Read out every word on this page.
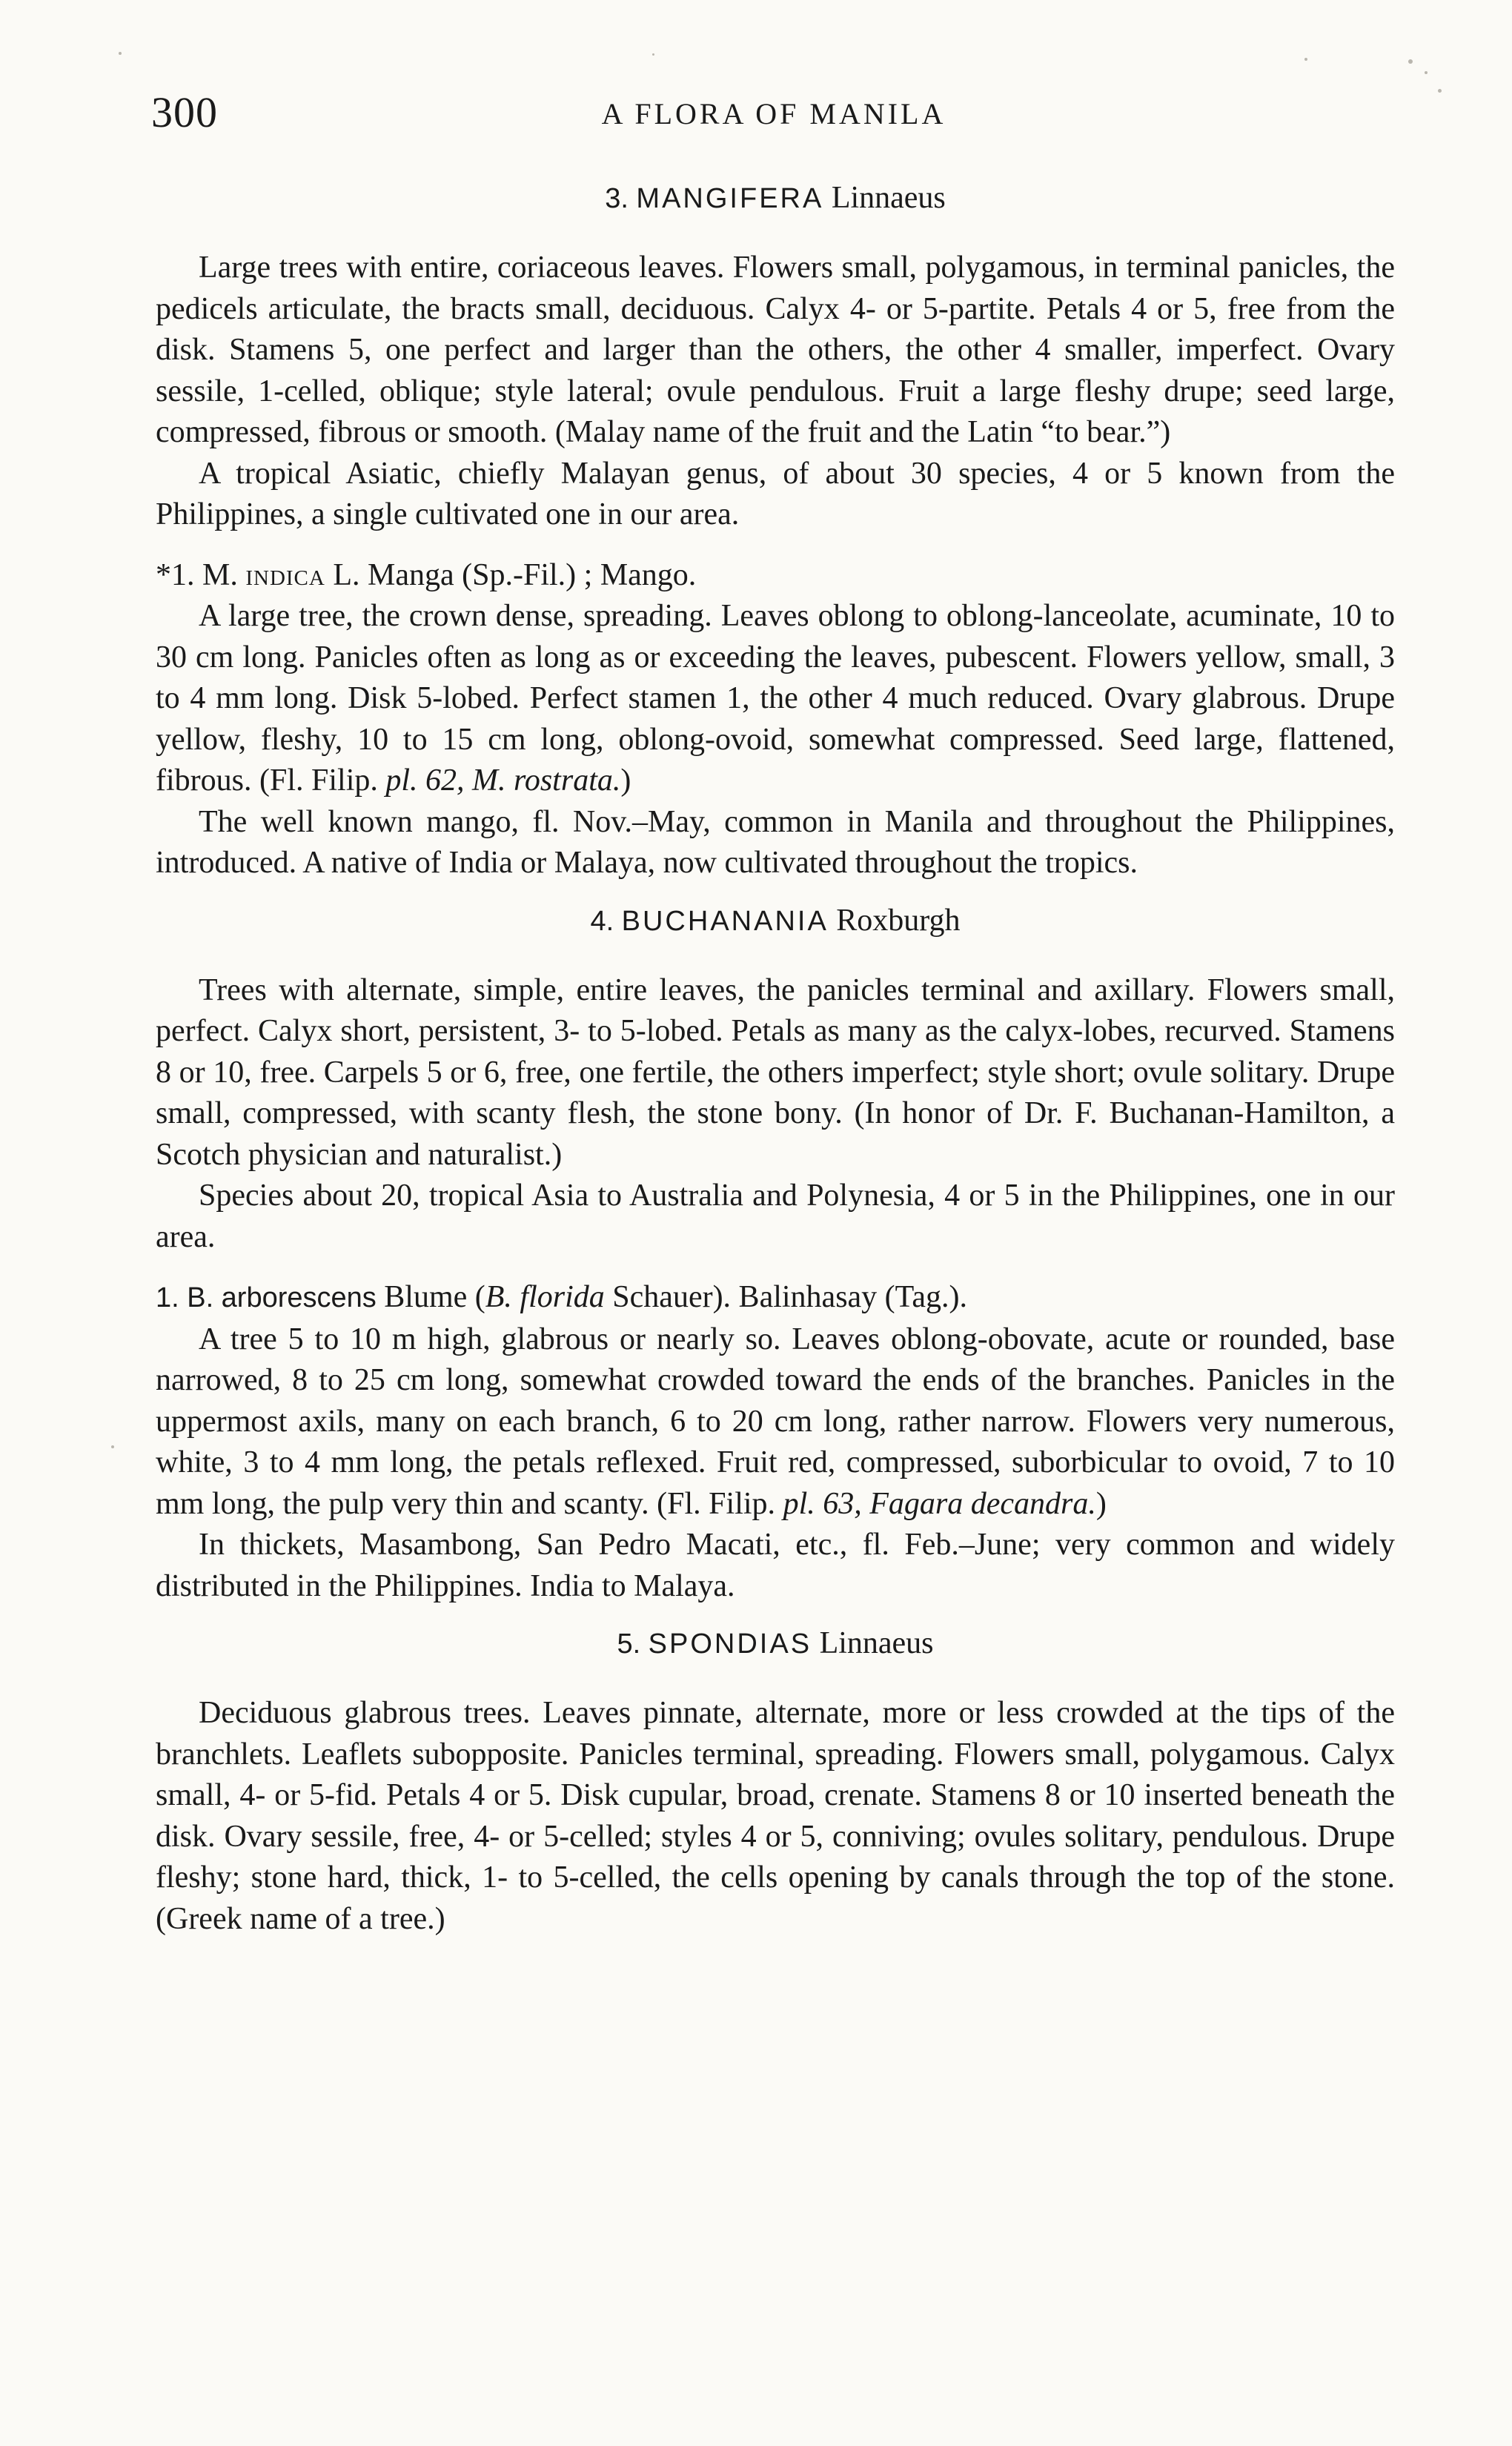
300	A FLORA OF MANILA
3. MANGIFERA Linnaeus

Large trees with entire, coriaceous leaves. Flowers small, polygamous, in terminal panicles, the pedicels articulate, the bracts small, deciduous. Calyx 4- or 5-partite. Petals 4 or 5, free from the disk. Stamens 5, one perfect and larger than the others, the other 4 smaller, imperfect. Ovary sessile, 1-celled, oblique; style lateral; ovule pendulous. Fruit a large fleshy drupe; seed large, compressed, fibrous or smooth. (Malay name of the fruit and the Latin “to bear.”)

A tropical Asiatic, chiefly Malayan genus, of about 30 species, 4 or 5 known from the Philippines, a single cultivated one in our area.

*1. M. indica L. Manga (Sp.-Fil.) ; Mango.

A large tree, the crown dense, spreading. Leaves oblong to oblong-lanceolate, acuminate, 10 to 30 cm long. Panicles often as long as or exceeding the leaves, pubescent. Flowers yellow, small, 3 to 4 mm long. Disk 5-lobed. Perfect stamen 1, the other 4 much reduced. Ovary glabrous. Drupe yellow, fleshy, 10 to 15 cm long, oblong-ovoid, somewhat compressed. Seed large, flattened, fibrous. (Fl. Filip. pl. 62, M. rostrata.)

The well known mango, fl. Nov.–May, common in Manila and throughout the Philippines, introduced. A native of India or Malaya, now cultivated throughout the tropics.

4. BUCHANANIA Roxburgh

Trees with alternate, simple, entire leaves, the panicles terminal and axillary. Flowers small, perfect. Calyx short, persistent, 3- to 5-lobed. Petals as many as the calyx-lobes, recurved. Stamens 8 or 10, free. Carpels 5 or 6, free, one fertile, the others imperfect; style short; ovule solitary. Drupe small, compressed, with scanty flesh, the stone bony. (In honor of Dr. F. Buchanan-Hamilton, a Scotch physician and naturalist.)

Species about 20, tropical Asia to Australia and Polynesia, 4 or 5 in the Philippines, one in our area.

1. B. arborescens Blume (B. florida Schauer). Balinhasay (Tag.).

A tree 5 to 10 m high, glabrous or nearly so. Leaves oblong-obovate, acute or rounded, base narrowed, 8 to 25 cm long, somewhat crowded toward the ends of the branches. Panicles in the uppermost axils, many on each branch, 6 to 20 cm long, rather narrow. Flowers very numerous, white, 3 to 4 mm long, the petals reflexed. Fruit red, compressed, suborbicular to ovoid, 7 to 10 mm long, the pulp very thin and scanty. (Fl. Filip. pl. 63, Fagara decandra.)

In thickets, Masambong, San Pedro Macati, etc., fl. Feb.–June; very common and widely distributed in the Philippines. India to Malaya.

5. SPONDIAS Linnaeus

Deciduous glabrous trees. Leaves pinnate, alternate, more or less crowded at the tips of the branchlets. Leaflets subopposite. Panicles terminal, spreading. Flowers small, polygamous. Calyx small, 4- or 5-fid. Petals 4 or 5. Disk cupular, broad, crenate. Stamens 8 or 10 inserted beneath the disk. Ovary sessile, free, 4- or 5-celled; styles 4 or 5, conniving; ovules solitary, pendulous. Drupe fleshy; stone hard, thick, 1- to 5-celled, the cells opening by canals through the top of the stone. (Greek name of a tree.)
